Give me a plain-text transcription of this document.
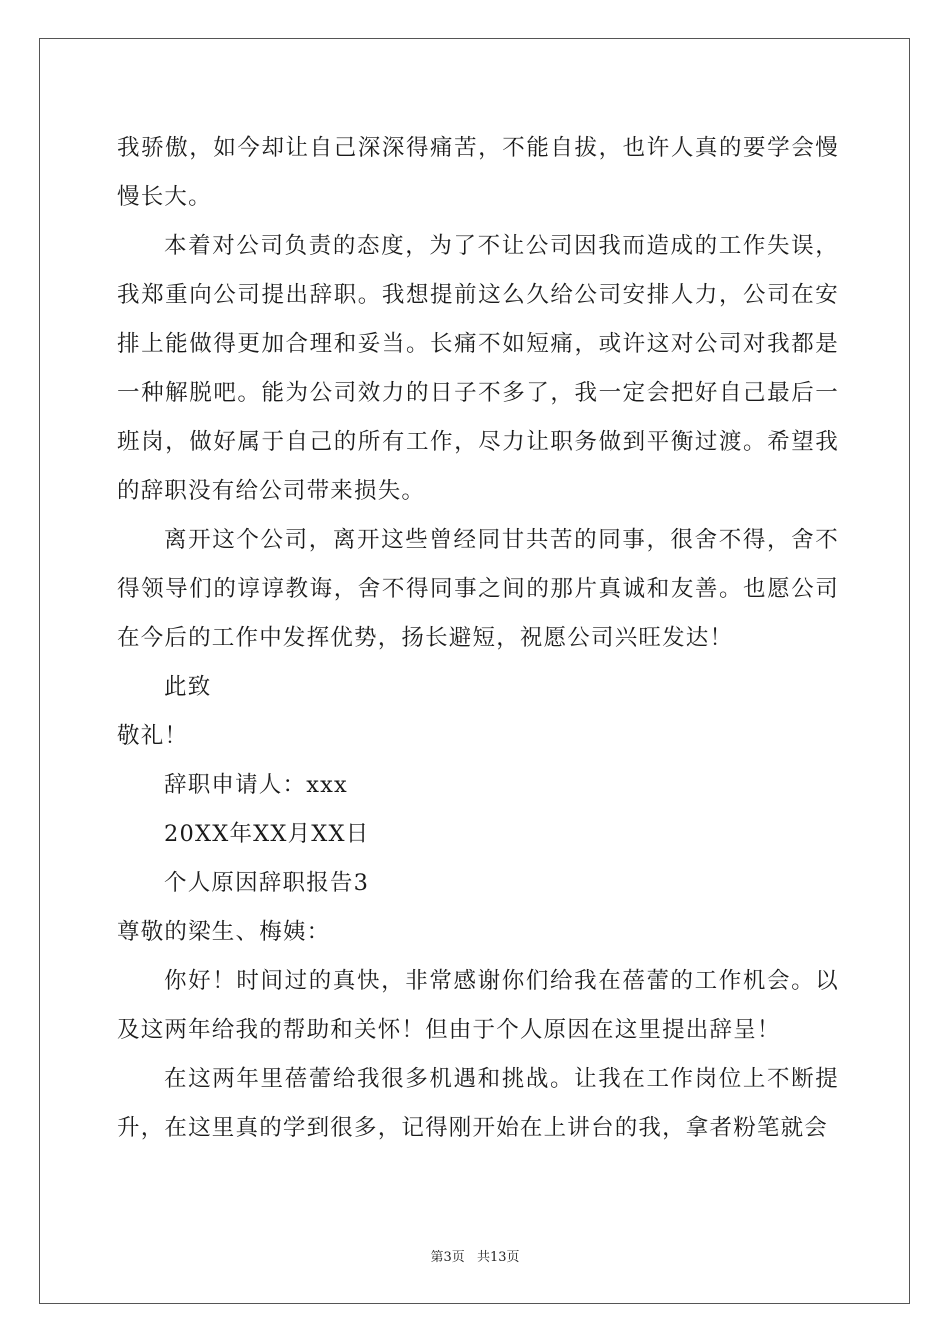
我骄傲，如今却让自己深深得痛苦，不能自拔，也许人真的要学会慢慢长大。

本着对公司负责的态度，为了不让公司因我而造成的工作失误，我郑重向公司提出辞职。我想提前这么久给公司安排人力，公司在安排上能做得更加合理和妥当。长痛不如短痛，或许这对公司对我都是一种解脱吧。能为公司效力的日子不多了，我一定会把好自己最后一班岗，做好属于自己的所有工作，尽力让职务做到平衡过渡。希望我的辞职没有给公司带来损失。

离开这个公司，离开这些曾经同甘共苦的同事，很舍不得，舍不得领导们的谆谆教诲，舍不得同事之间的那片真诚和友善。也愿公司在今后的工作中发挥优势，扬长避短，祝愿公司兴旺发达！

此致

敬礼！

辞职申请人：xxx

20XX年XX月XX日

个人原因辞职报告3

尊敬的梁生、梅姨：

你好！时间过的真快，非常感谢你们给我在蓓蕾的工作机会。以及这两年给我的帮助和关怀！但由于个人原因在这里提出辞呈！

在这两年里蓓蕾给我很多机遇和挑战。让我在工作岗位上不断提升，在这里真的学到很多，记得刚开始在上讲台的我，拿者粉笔就会

第3页 共13页
